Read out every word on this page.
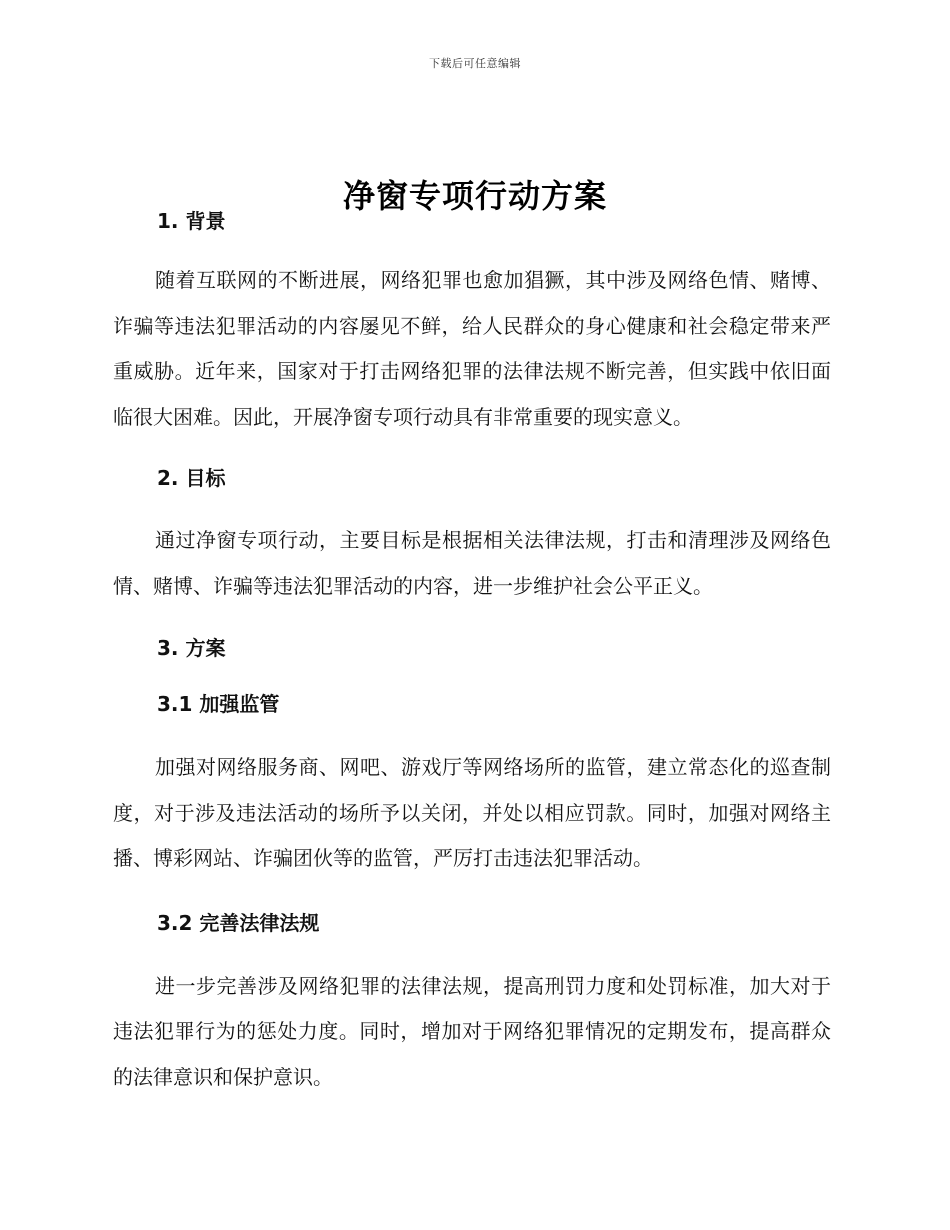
下载后可任意编辑
净窗专项行动方案
1. 背景

随着互联网的不断进展，网络犯罪也愈加猖獗，其中涉及网络色情、赌博、诈骗等违法犯罪活动的内容屡见不鲜，给人民群众的身心健康和社会稳定带来严重威胁。近年来，国家对于打击网络犯罪的法律法规不断完善，但实践中依旧面临很大困难。因此，开展净窗专项行动具有非常重要的现实意义。

2. 目标

通过净窗专项行动，主要目标是根据相关法律法规，打击和清理涉及网络色情、赌博、诈骗等违法犯罪活动的内容，进一步维护社会公平正义。

3. 方案
3.1 加强监管

加强对网络服务商、网吧、游戏厅等网络场所的监管，建立常态化的巡查制度，对于涉及违法活动的场所予以关闭，并处以相应罚款。同时，加强对网络主播、博彩网站、诈骗团伙等的监管，严厉打击违法犯罪活动。

3.2 完善法律法规

进一步完善涉及网络犯罪的法律法规，提高刑罚力度和处罚标准，加大对于违法犯罪行为的惩处力度。同时，增加对于网络犯罪情况的定期发布，提高群众的法律意识和保护意识。
